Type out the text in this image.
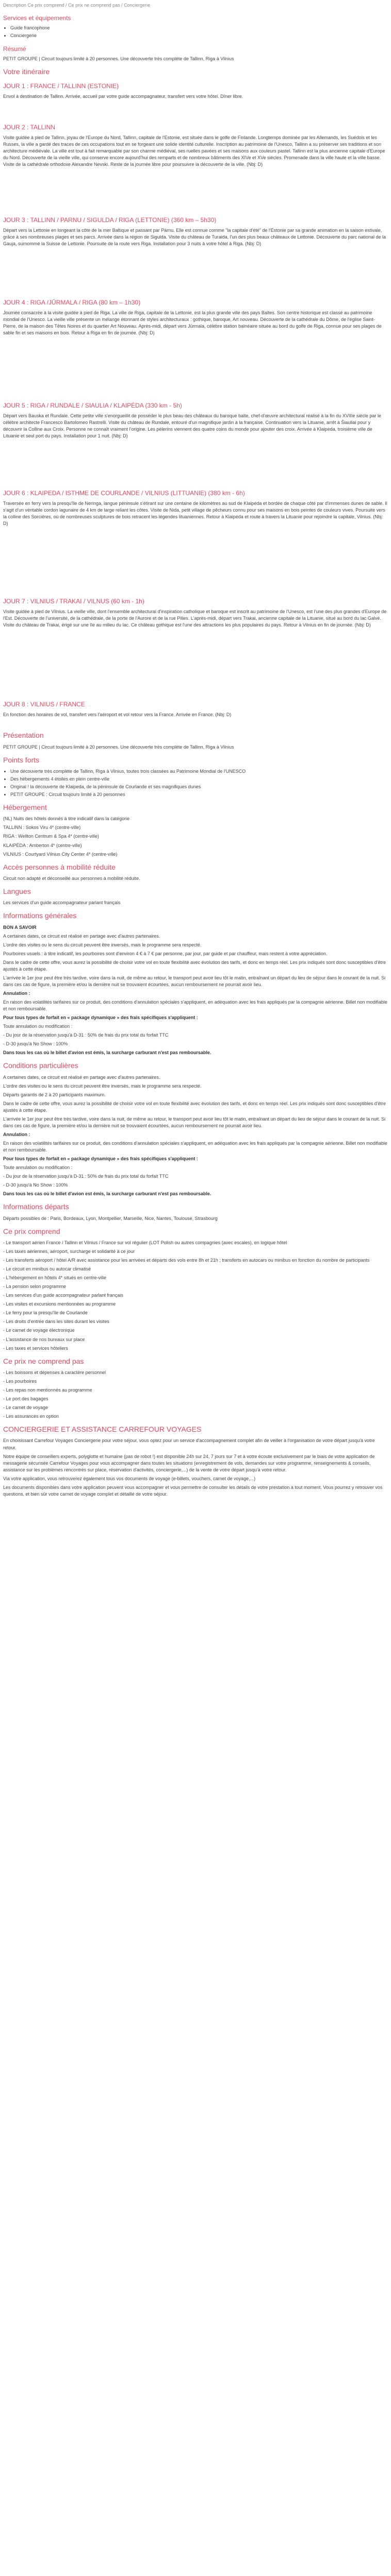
Description Ce prix comprend / Ce prix ne comprend pas / Conciergerie
Services et équipements
• Guide francophone
• Conciergerie
Résumé

PETIT GROUPE | Circuit toujours limité à 20 personnes. Une découverte très complète de Tallinn, Riga à Vilnius

Votre itinéraire
JOUR 1 : FRANCE / TALLINN (ESTONIE)

Envol à destination de Tallinn. Arrivée, accueil par votre guide accompagnateur, transfert vers votre hôtel. Dîner libre.

JOUR 2 : TALLINN

Visite guidée à pied de Tallinn, joyau de l'Europe du Nord, Tallinn, capitale de l'Estonie, est située dans le golfe de Finlande. Longtemps dominée par les Allemands, les Suédois et les Russes, la ville a gardé des traces de ces occupations tout en se forgeant une solide identité culturelle. Inscription au patrimoine de l'Unesco, Tallinn a su préserver ses traditions et son architecture médiévale. La ville est tout à fait remarquable par son charme médiéval, ses ruelles pavées et ses maisons aux couleurs pastel. Tallinn est la plus ancienne capitale d'Europe du Nord. Découverte de la vieille ville, qui conserve encore aujourd'hui des remparts et de nombreux bâtiments des XIVe et XVe siècles. Promenade dans la ville haute et la ville basse. Visite de la cathédrale orthodoxe Alexandre Nevski. Reste de la journée libre pour poursuivre la découverte de la ville. (Nbj: D)

JOUR 3 : TALLINN / PARNU / SIGULDA / RIGA (LETTONIE) (360 km – 5h30)

Départ vers la Lettonie en longeant la côte de la mer Baltique et passant par Pärnu. Elle est connue comme "la capitale d'été" de l'Estonie par sa grande animation en la saison estivale, grâce à ses nombreuses plages et ses parcs. Arrivée dans la région de Sigulda. Visite du château de Turaida, l'un des plus beaux châteaux de Lettonie. Découverte du parc national de la Gauja, surnommé la Suisse de Lettonie. Poursuite de la route vers Riga. Installation pour 3 nuits à votre hôtel à Riga. (Nbj: D)

JOUR 4 : RIGA /JŪRMALA / RIGA (80 km – 1h30)

Journée consacrée à la visite guidée à pied de Riga. La ville de Riga, capitale de la Lettonie, est la plus grande ville des pays Baltes. Son centre historique est classé au patrimoine mondial de l'Unesco. La vieille ville présente un mélange étonnant de styles architecturaux : gothique, baroque, Art nouveau. Découverte de la cathédrale du Dôme, de l'église Saint-Pierre, de la maison des Têtes Noires et du quartier Art Nouveau. Après-midi, départ vers Jūrmala, célèbre station balnéaire située au bord du golfe de Riga, connue pour ses plages de sable fin et ses maisons en bois. Retour à Riga en fin de journée. (Nbj: D)

JOUR 5 : RIGA / RUNDALE / SIAULIA / KLAIPĖDA (330 km - 5h)

Départ vers Bauska et Rundale. Cette petite ville s'enorgueillit de posséder le plus beau des châteaux du baroque balte, chef-d'œuvre architectural réalisé à la fin du XVIIIe siècle par le célèbre architecte Francesco Bartolomeo Rastrelli. Visite du château de Rundale, entouré d'un magnifique jardin à la française. Continuation vers la Lituanie, arrêt à Šiauliai pour y découvrir la Colline aux Croix. Personne ne connaît vraiment l'origine. Les pèlerins viennent des quatre coins du monde pour ajouter des croix. Arrivée à Klaipėda, troisième ville de Lituanie et seul port du pays. Installation pour 1 nuit. (Nbj: D)

JOUR 6 : KLAIPEDA / ISTHME DE COURLANDE / VILNIUS (LITTUANIE) (380 km - 6h)

Traversée en ferry vers la presqu'île de Neringa, langue péninsule s'étirant sur une centaine de kilomètres au sud de Klaipėda et bordée de chaque côté par d'immenses dunes de sable. Il s'agit d'un véritable cordon lagunaire de 4 km de large reliant les côtes. Visite de Nida, petit village de pêcheurs connu pour ses maisons en bois peintes de couleurs vives. Poursuite vers la colline des Sorcières, où de nombreuses sculptures de bois retracent les légendes lituaniennes. Retour à Klaipėda et route à travers la Lituanie pour rejoindre la capitale, Vilnius. (Nbj: D)

JOUR 7 : VILNIUS / TRAKAI / VILNUS (60 km - 1h)

Visite guidée à pied de Vilnius. La vieille ville, dont l'ensemble architectural d'inspiration catholique et baroque est inscrit au patrimoine de l'Unesco, est l'une des plus grandes d'Europe de l'Est. Découverte de l'université, de la cathédrale, de la porte de l'Aurore et de la rue Pilies. L'après-midi, départ vers Trakai, ancienne capitale de la Lituanie, situé au bord du lac Galvé. Visite du château de Trakai, érigé sur une île au milieu du lac. Ce château gothique est l'une des attractions les plus populaires du pays. Retour à Vilnius en fin de journée. (Nbj: D)

JOUR 8 : VILNIUS / FRANCE

En fonction des horaires de vol, transfert vers l'aéroport et vol retour vers la France. Arrivée en France. (Nbj: D)

Présentation

PETIT GROUPE | Circuit toujours limité à 20 personnes. Une découverte très complète de Tallinn, Riga à Vilnius

Points forts
• Une découverte très complète de Tallinn, Riga à Vilnius, toutes trois classées au Patrimoine Mondial de l'UNESCO
• Des hébergements 4 étoiles en plein centre-ville
• Original ! la découverte de Klaipeda, de la péninsule de Courlande et ses magnifiques dunes
• PETIT GROUPE : Circuit toujours limité à 20 personnes
Hébergement

(NL) Nuits des hôtels donnés à titre indicatif dans la catégorie

TALLINN : Sokos Viru 4* (centre-ville)

RIGA : Wellton Centrum & Spa 4* (centre-ville)

KLAIPĖDA : Amberton 4* (centre-ville)

VILNIUS : Courtyard Vilnius City Center 4* (centre-ville)

Accès personnes à mobilité réduite

Circuit non adapté et déconseillé aux personnes à mobilité réduite.

Langues

Les services d'un guide accompagnateur parlant français

Informations générales

BON A SAVOIR

A certaines dates, ce circuit est réalisé en partage avec d'autres partenaires.

L'ordre des visites ou le sens du circuit peuvent être inversés, mais le programme sera respecté.

Pourboires usuels : à titre indicatif, les pourboires sont d'environ 4 € à 7 € par personne, par jour, par guide et par chauffeur, mais restent à votre appréciation.

Dans le cadre de cette offre, vous aurez la possibilité de choisir votre vol en toute flexibilité avec évolution des tarifs, et donc en temps réel. Les prix indiqués sont donc susceptibles d'être ajustés à cette étape.

L'arrivée le 1er jour peut être très tardive, voire dans la nuit, de même au retour, le transport peut avoir lieu tôt le matin, entraînant un départ du lieu de séjour dans le courant de la nuit. Si dans ces cas de figure, la première et/ou la dernière nuit se trouvaient écourtées, aucun remboursement ne pourrait avoir lieu.

Annulation :

En raison des volatilités tarifaires sur ce produit, des conditions d'annulation spéciales s'appliquent, en adéquation avec les frais appliqués par la compagnie aérienne. Billet non modifiable et non remboursable.

Pour tous types de forfait en « package dynamique » des frais spécifiques s'appliquent :

Toute annulation ou modification :

- Du jour de la réservation jusqu'à D-31 : 50% de frais du prix total du forfait TTC

- D-30 jusqu'à No Show : 100%

Dans tous les cas où le billet d'avion est émis, la surcharge carburant n'est pas remboursable.

Conditions particulières

A certaines dates, ce circuit est réalisé en partage avec d'autres partenaires.

L'ordre des visites ou le sens du circuit peuvent être inversés, mais le programme sera respecté.

Départs garantis de 2 à 20 participants maximum.

Dans le cadre de cette offre, vous aurez la possibilité de choisir votre vol en toute flexibilité avec évolution des tarifs, et donc en temps réel. Les prix indiqués sont donc susceptibles d'être ajustés à cette étape.

L'arrivée le 1er jour peut être très tardive, voire dans la nuit, de même au retour, le transport peut avoir lieu tôt le matin, entraînant un départ du lieu de séjour dans le courant de la nuit. Si dans ces cas de figure, la première et/ou la dernière nuit se trouvaient écourtées, aucun remboursement ne pourrait avoir lieu.

Annulation :

En raison des volatilités tarifaires sur ce produit, des conditions d'annulation spéciales s'appliquent, en adéquation avec les frais appliqués par la compagnie aérienne. Billet non modifiable et non remboursable.

Pour tous types de forfait en « package dynamique » des frais spécifiques s'appliquent :

Toute annulation ou modification :

- Du jour de la réservation jusqu'à D-31 : 50% de frais du prix total du forfait TTC

- D-30 jusqu'à No Show : 100%

Dans tous les cas où le billet d'avion est émis, la surcharge carburant n'est pas remboursable.

Informations départs

Départs possibles de : Paris, Bordeaux, Lyon, Montpellier, Marseille, Nice, Nantes, Toulouse, Strasbourg

Ce prix comprend

- Le transport aérien France / Tallinn et Vilnius / France sur vol régulier (LOT Polish ou autres compagnies (avec escales), en logique hôtel

- Les taxes aériennes, aéroport, surcharge et solidarité à ce jour

- Les transferts aéroport / hôtel A/R avec assistance pour les arrivées et départs des vols entre 8h et 21h ; transferts en autocars ou minibus en fonction du nombre de participants

- Le circuit en minibus ou autocar climatisé

- L'hébergement en hôtels 4* situés en centre-ville

- La pension selon programme

- Les services d'un guide accompagnateur parlant français

- Les visites et excursions mentionnées au programme

- Le ferry pour la presqu'île de Courlande

- Les droits d'entrée dans les sites durant les visites

- Le carnet de voyage électronique

- L'assistance de nos bureaux sur place

- Les taxes et services hôteliers

Ce prix ne comprend pas

- Les boissons et dépenses à caractère personnel

- Les pourboires

- Les repas non mentionnés au programme

- Le port des bagages

- Le carnet de voyage

- Les assurances en option

CONCIERGERIE ET ASSISTANCE CARREFOUR VOYAGES

En choisissant Carrefour Voyages Conciergerie pour votre séjour, vous optez pour un service d'accompagnement complet afin de veiller à l'organisation de votre départ jusqu'à votre retour.

Notre équipe de conseillers experts, polyglotte et humaine (pas de robot !) est disponible 24h sur 24, 7 jours sur 7 et à votre écoute exclusivement par le biais de votre application de messagerie sécurisée Carrefour Voyages pour vous accompagner dans toutes les situations (enregistrement de vols, demandes sur votre programme, renseignements & conseils, assistance sur les problèmes rencontrés sur place, réservation d'activités, conciergerie,...) de la vente de votre départ jusqu'à votre retour.

Via votre application, vous retrouverez également tous vos documents de voyage (e-billets, vouchers, carnet de voyage,...)

Les documents disponibles dans votre application peuvent vous accompagner et vous permettre de consulter les détails de votre prestation à tout moment. Vous pourrez y retrouver vos questions, et bien sûr votre carnet de voyage complet et détaillé de votre séjour.
